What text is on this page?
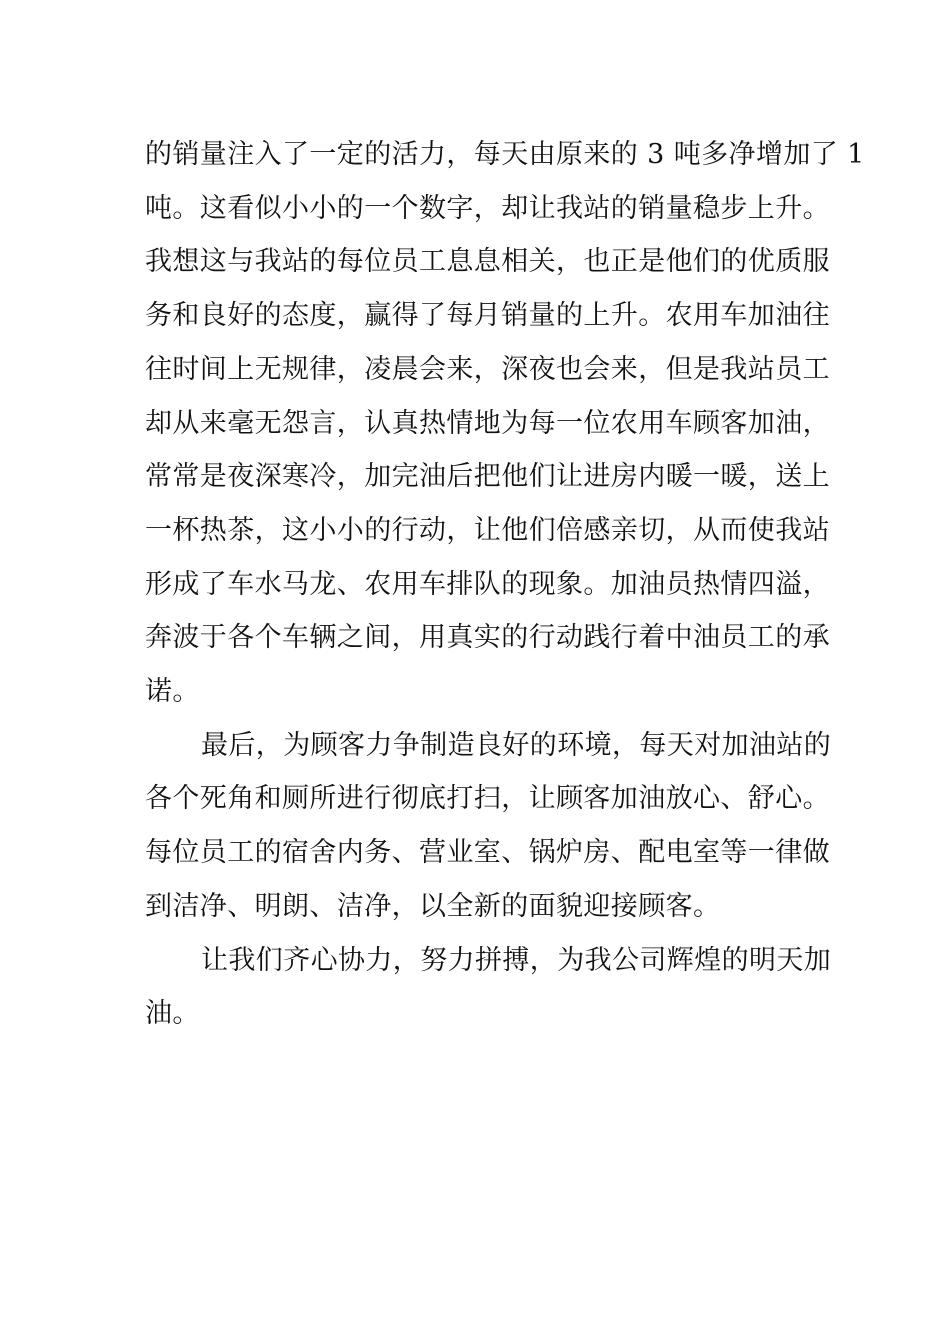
的销量注入了一定的活力，每天由原来的 3 吨多净增加了 1
吨。这看似小小的一个数字，却让我站的销量稳步上升。
我想这与我站的每位员工息息相关，也正是他们的优质服
务和良好的态度，赢得了每月销量的上升。农用车加油往
往时间上无规律，凌晨会来，深夜也会来，但是我站员工
却从来毫无怨言，认真热情地为每一位农用车顾客加油，
常常是夜深寒冷，加完油后把他们让进房内暖一暖，送上
一杯热茶，这小小的行动，让他们倍感亲切，从而使我站
形成了车水马龙、农用车排队的现象。加油员热情四溢，
奔波于各个车辆之间，用真实的行动践行着中油员工的承
诺。

最后，为顾客力争制造良好的环境，每天对加油站的
各个死角和厕所进行彻底打扫，让顾客加油放心、舒心。
每位员工的宿舍内务、营业室、锅炉房、配电室等一律做
到洁净、明朗、洁净，以全新的面貌迎接顾客。

让我们齐心协力，努力拼搏，为我公司辉煌的明天加
油。
